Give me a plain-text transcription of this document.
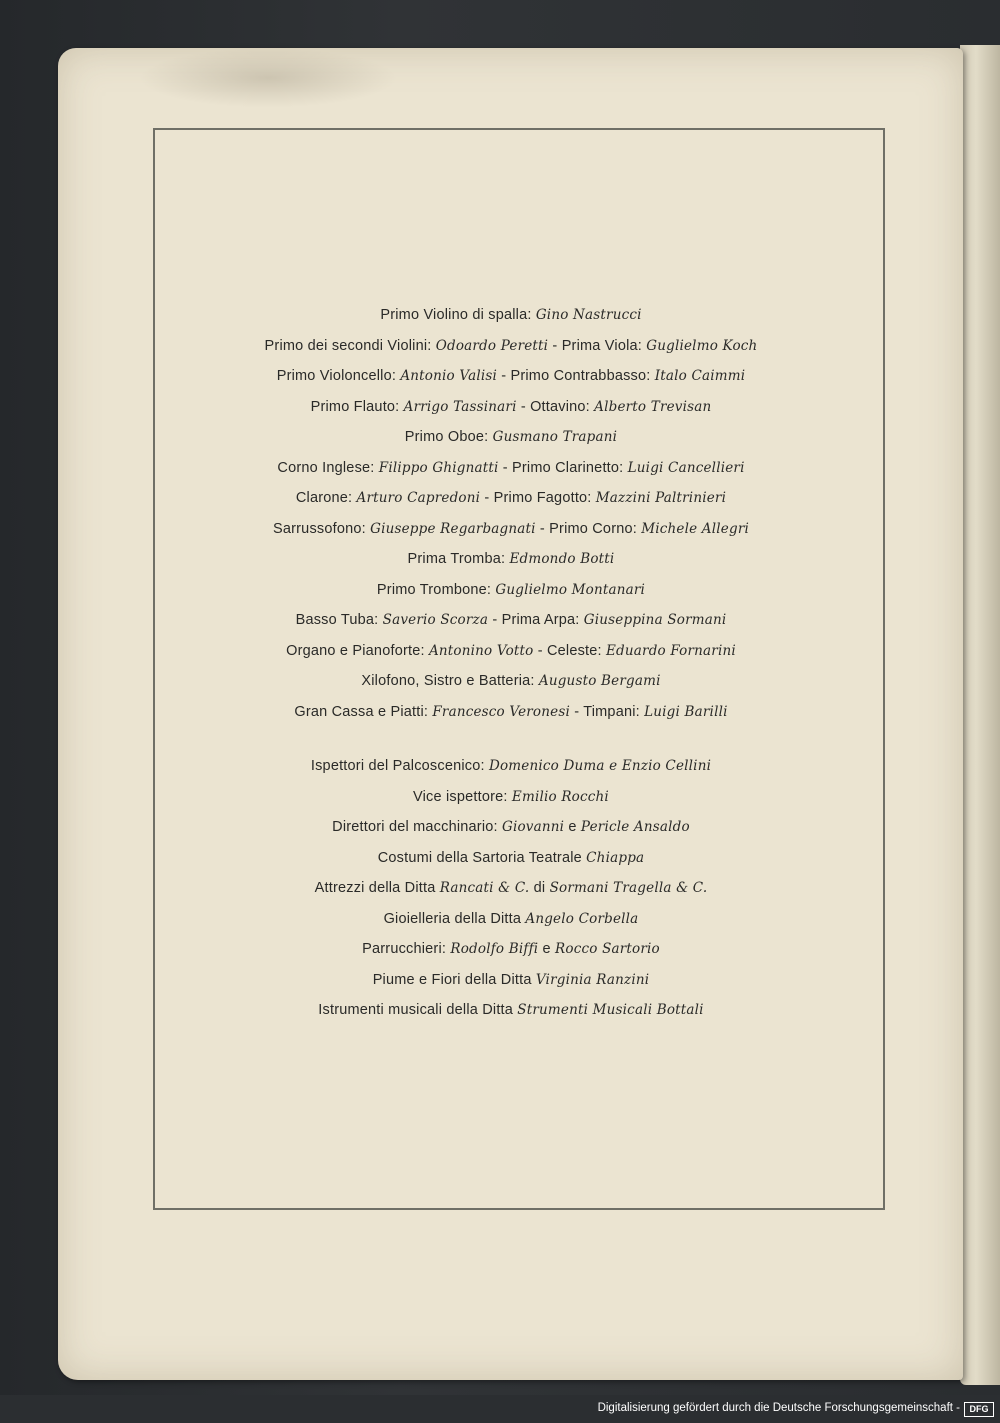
Primo Violino di spalla: Gino Nastrucci
Primo dei secondi Violini: Odoardo Peretti - Prima Viola: Guglielmo Koch
Primo Violoncello: Antonio Valisi - Primo Contrabbasso: Italo Caimmi
Primo Flauto: Arrigo Tassinari - Ottavino: Alberto Trevisan
Primo Oboe: Gusmano Trapani
Corno Inglese: Filippo Ghignatti - Primo Clarinetto: Luigi Cancellieri
Clarone: Arturo Capredoni - Primo Fagotto: Mazzini Paltrinieri
Sarrussofono: Giuseppe Regarbagnati - Primo Corno: Michele Allegri
Prima Tromba: Edmondo Botti
Primo Trombone: Guglielmo Montanari
Basso Tuba: Saverio Scorza - Prima Arpa: Giuseppina Sormani
Organo e Pianoforte: Antonino Votto - Celeste: Eduardo Fornarini
Xilofono, Sistro e Batteria: Augusto Bergami
Gran Cassa e Piatti: Francesco Veronesi - Timpani: Luigi Barilli
Ispettori del Palcoscenico: Domenico Duma e Enzio Cellini
Vice ispettore: Emilio Rocchi
Direttori del macchinario: Giovanni e Pericle Ansaldo
Costumi della Sartoria Teatrale Chiappa
Attrezzi della Ditta Rancati & C. di Sormani Tragella & C.
Gioielleria della Ditta Angelo Corbella
Parrucchieri: Rodolfo Biffi e Rocco Sartorio
Piume e Fiori della Ditta Virginia Ranzini
Istrumenti musicali della Ditta Strumenti Musicali Bottali
Digitalisierung gefördert durch die Deutsche Forschungsgemeinschaft -	DFG
